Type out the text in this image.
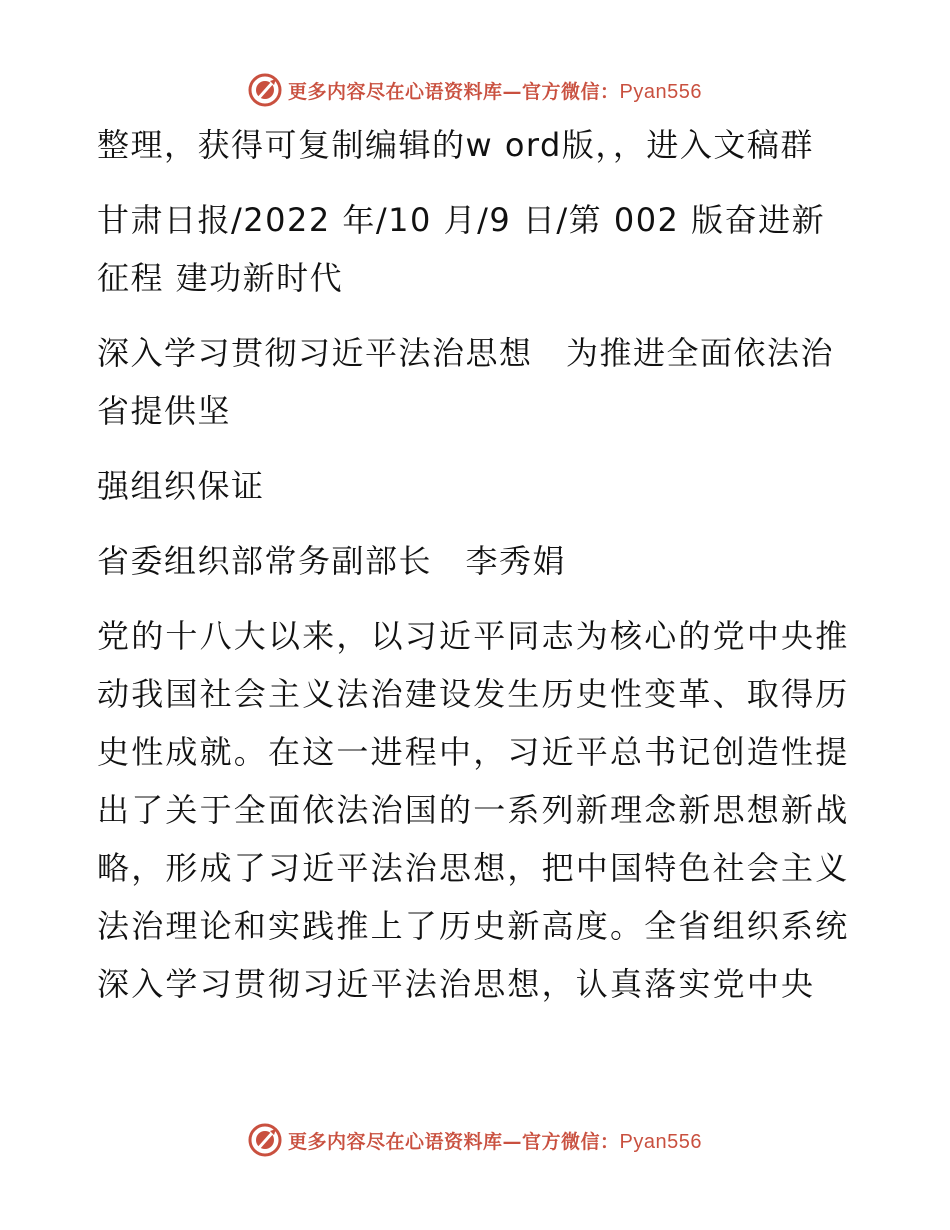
更多内容尽在心语资料库—官方微信：Pyan556

整理，获得可复制编辑的w ord版，，进入文稿群

甘肃日报/2022 年/10 月/9 日/第 002 版奋进新征程 建功新时代

深入学习贯彻习近平法治思想　为推进全面依法治省提供坚

强组织保证

省委组织部常务副部长　李秀娟

党的十八大以来，以习近平同志为核心的党中央推动我国社会主义法治建设发生历史性变革、取得历史性成就。在这一进程中，习近平总书记创造性提出了关于全面依法治国的一系列新理念新思想新战略，形成了习近平法治思想，把中国特色社会主义法治理论和实践推上了历史新高度。全省组织系统深入学习贯彻习近平法治思想，认真落实党中央

更多内容尽在心语资料库—官方微信：Pyan556
